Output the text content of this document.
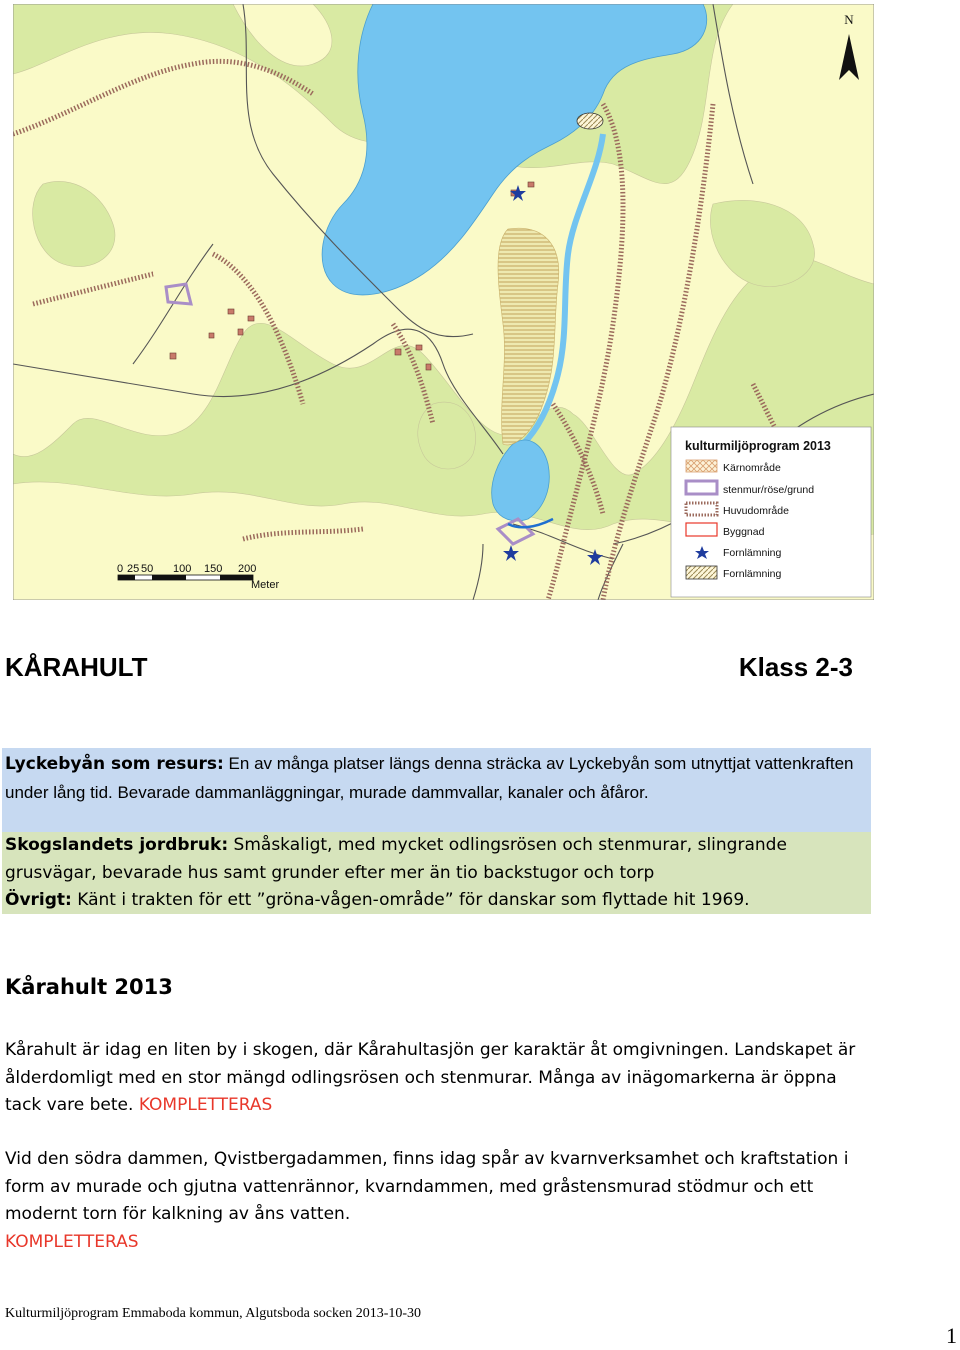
N
0 25 50 100 150 200
Meter
kulturmiljöprogram 2013
Kärnområde
stenmur/röse/grund
Huvudområde
Byggnad
Fornlämning
Fornlämning
KÅRAHULT	Klass 2-3
Lyckebyån som resurs: En av många platser längs denna sträcka av Lyckebyån som utnyttjat vattenkraften under lång tid. Bevarade dammanläggningar, murade dammvallar, kanaler och åfåror.
Skogslandets jordbruk: Småskaligt, med mycket odlingsrösen och stenmurar, slingrande grusvägar, bevarade hus samt grunder efter mer än tio backstugor och torp
Övrigt: Känt i trakten för ett ”gröna-vågen-område” för danskar som flyttade hit 1969.
Kårahult 2013
Kårahult är idag en liten by i skogen, där Kårahultasjön ger karaktär åt omgivningen. Landskapet är ålderdomligt med en stor mängd odlingsrösen och stenmurar. Många av inägomarkerna är öppna tack vare bete. KOMPLETTERAS
Vid den södra dammen, Qvistbergadammen, finns idag spår av kvarnverksamhet och kraftstation i form av murade och gjutna vattenrännor, kvarndammen, med gråstensmurad stödmur och ett modernt torn för kalkning av åns vatten.
KOMPLETTERAS
Kulturmiljöprogram Emmaboda kommun, Algutsboda socken 2013-10-30
1
